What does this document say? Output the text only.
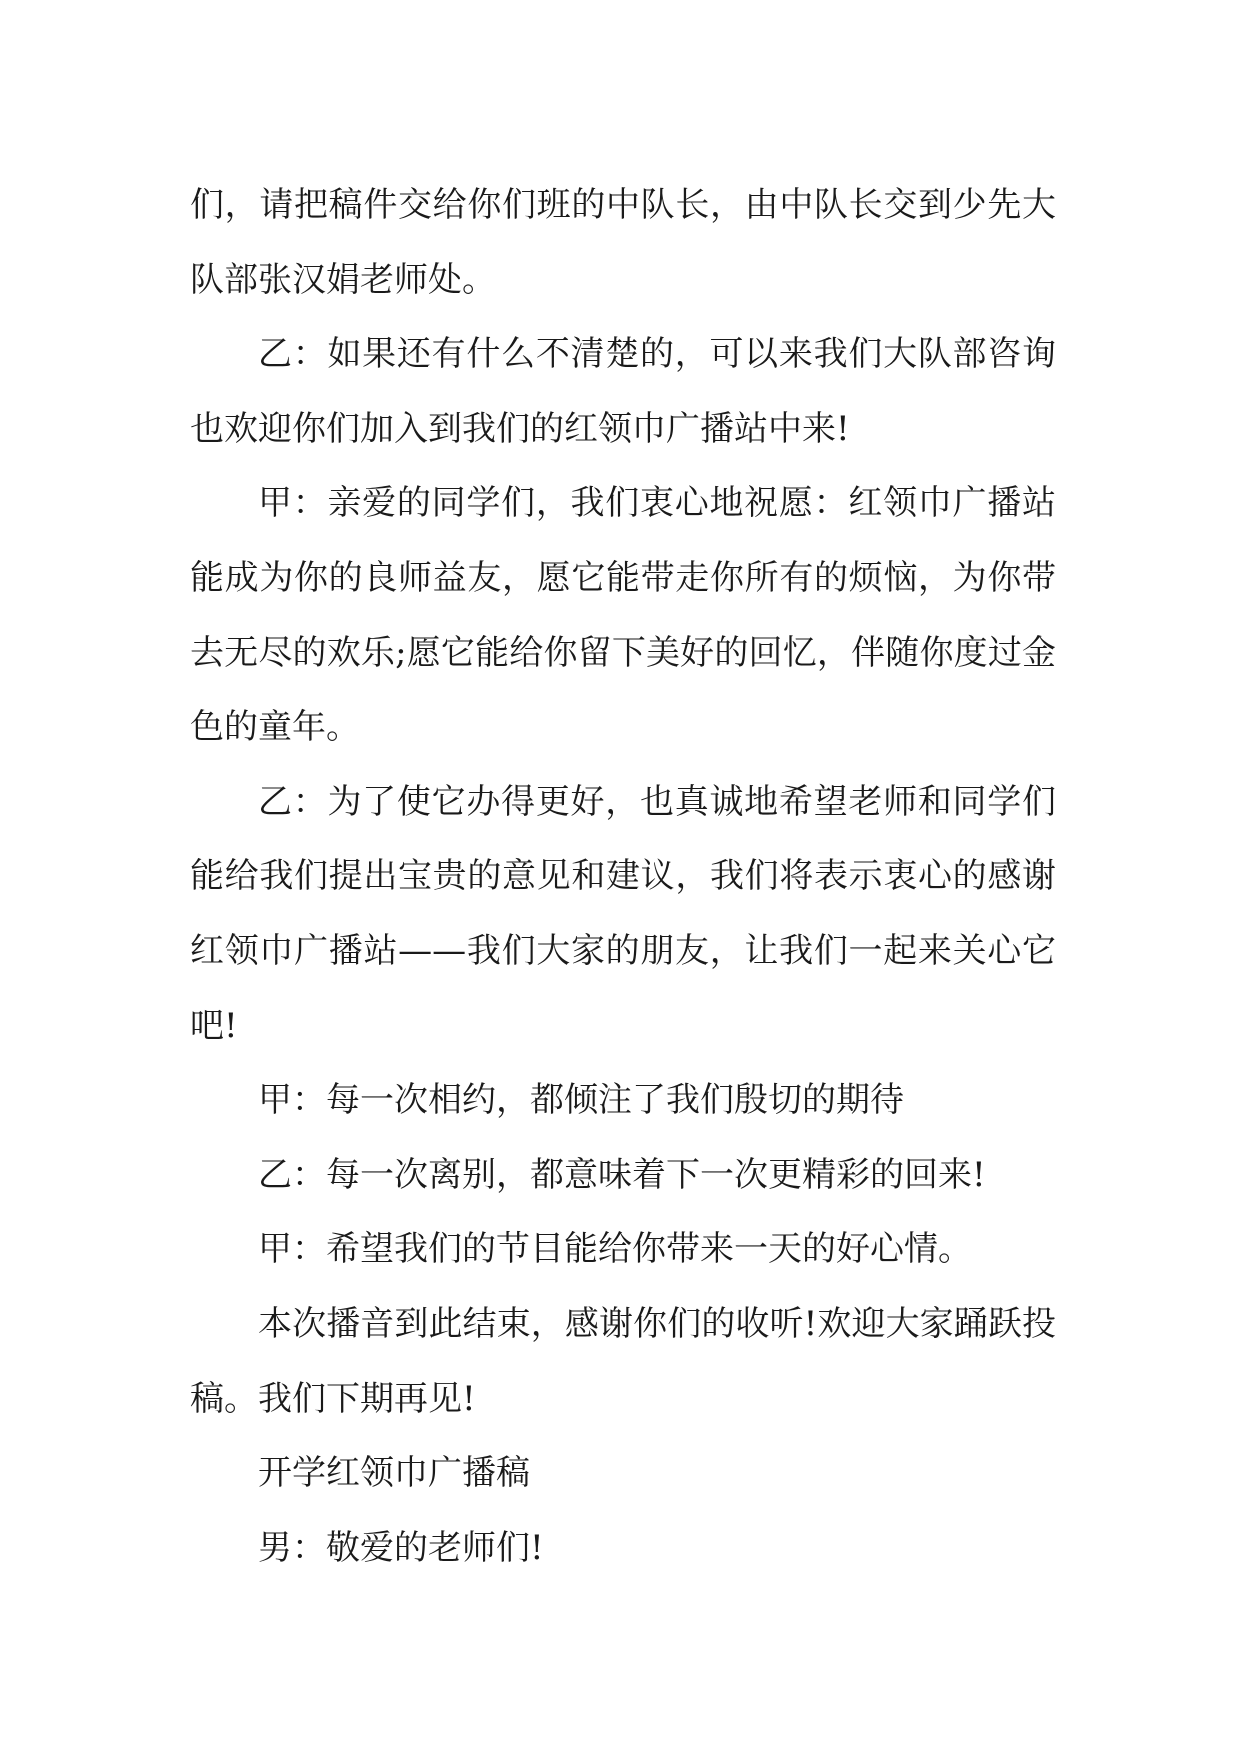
们，请把稿件交给你们班的中队长，由中队长交到少先大
队部张汉娟老师处。
乙：如果还有什么不清楚的，可以来我们大队部咨询
也欢迎你们加入到我们的红领巾广播站中来!
甲：亲爱的同学们，我们衷心地祝愿：红领巾广播站
能成为你的良师益友，愿它能带走你所有的烦恼，为你带
去无尽的欢乐;愿它能给你留下美好的回忆，伴随你度过金
色的童年。
乙：为了使它办得更好，也真诚地希望老师和同学们
能给我们提出宝贵的意见和建议，我们将表示衷心的感谢
红领巾广播站——我们大家的朋友，让我们一起来关心它
吧!
甲：每一次相约，都倾注了我们殷切的期待
乙：每一次离别，都意味着下一次更精彩的回来!
甲：希望我们的节目能给你带来一天的好心情。
本次播音到此结束，感谢你们的收听!欢迎大家踊跃投
稿。我们下期再见!
开学红领巾广播稿
男：敬爱的老师们!
